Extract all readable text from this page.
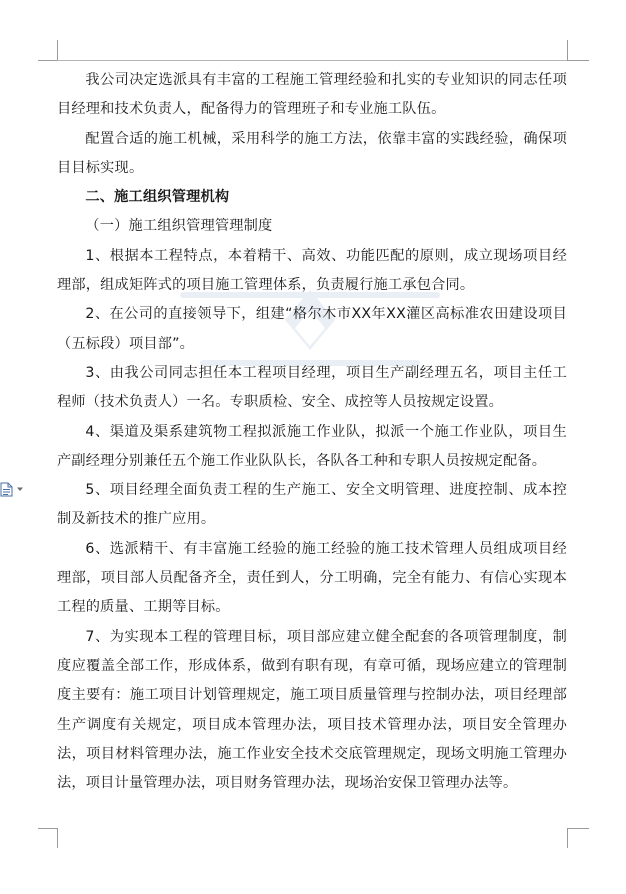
我公司决定选派具有丰富的工程施工管理经验和扎实的专业知识的同志任项目经理和技术负责人，配备得力的管理班子和专业施工队伍。

配置合适的施工机械，采用科学的施工方法，依靠丰富的实践经验，确保项目目标实现。

二、施工组织管理机构

（一）施工组织管理管理制度

1、根据本工程特点，本着精干、高效、功能匹配的原则，成立现场项目经理部，组成矩阵式的项目施工管理体系，负责履行施工承包合同。

2、在公司的直接领导下，组建“格尔木市XX年XX灌区高标准农田建设项目（五标段）项目部”。

3、由我公司同志担任本工程项目经理，项目生产副经理五名，项目主任工程师（技术负责人）一名。专职质检、安全、成控等人员按规定设置。

4、渠道及渠系建筑物工程拟派施工作业队，拟派一个施工作业队，项目生产副经理分别兼任五个施工作业队队长，各队各工种和专职人员按规定配备。

5、项目经理全面负责工程的生产施工、安全文明管理、进度控制、成本控制及新技术的推广应用。

6、选派精干、有丰富施工经验的施工经验的施工技术管理人员组成项目经理部，项目部人员配备齐全，责任到人，分工明确，完全有能力、有信心实现本工程的质量、工期等目标。

7、为实现本工程的管理目标，项目部应建立健全配套的各项管理制度，制度应覆盖全部工作，形成体系，做到有职有现，有章可循，现场应建立的管理制度主要有：施工项目计划管理规定，施工项目质量管理与控制办法，项目经理部生产调度有关规定，项目成本管理办法，项目技术管理办法，项目安全管理办法，项目材料管理办法，施工作业安全技术交底管理规定，现场文明施工管理办法，项目计量管理办法，项目财务管理办法，现场治安保卫管理办法等。
